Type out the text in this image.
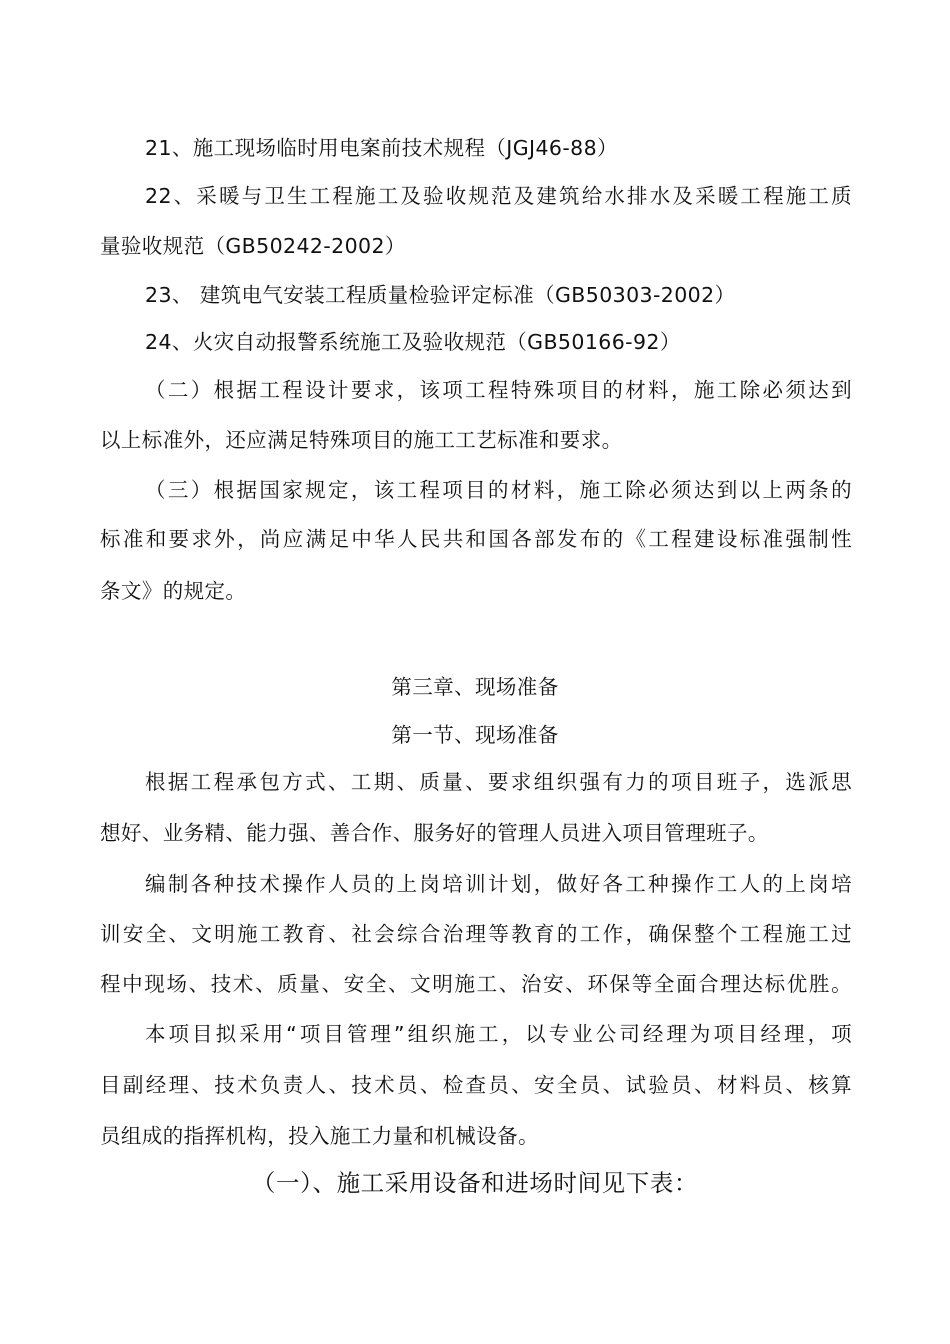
21、施工现场临时用电案前技术规程（JGJ46-88）
22、采暖与卫生工程施工及验收规范及建筑给水排水及采暖工程施工质
量验收规范（GB50242-2002）
23、 建筑电气安装工程质量检验评定标准（GB50303-2002）
24、火灾自动报警系统施工及验收规范（GB50166-92）
（二）根据工程设计要求，该项工程特殊项目的材料，施工除必须达到
以上标准外，还应满足特殊项目的施工工艺标准和要求。
（三）根据国家规定，该工程项目的材料，施工除必须达到以上两条的
标准和要求外，尚应满足中华人民共和国各部发布的《工程建设标准强制性
条文》的规定。
第三章、现场准备
第一节、现场准备
根据工程承包方式、工期、质量、要求组织强有力的项目班子，选派思
想好、业务精、能力强、善合作、服务好的管理人员进入项目管理班子。
编制各种技术操作人员的上岗培训计划，做好各工种操作工人的上岗培
训安全、文明施工教育、社会综合治理等教育的工作，确保整个工程施工过
程中现场、技术、质量、安全、文明施工、治安、环保等全面合理达标优胜。
本项目拟采用“项目管理”组织施工，以专业公司经理为项目经理，项
目副经理、技术负责人、技术员、检查员、安全员、试验员、材料员、核算
员组成的指挥机构，投入施工力量和机械设备。
（一）、施工采用设备和进场时间见下表：
